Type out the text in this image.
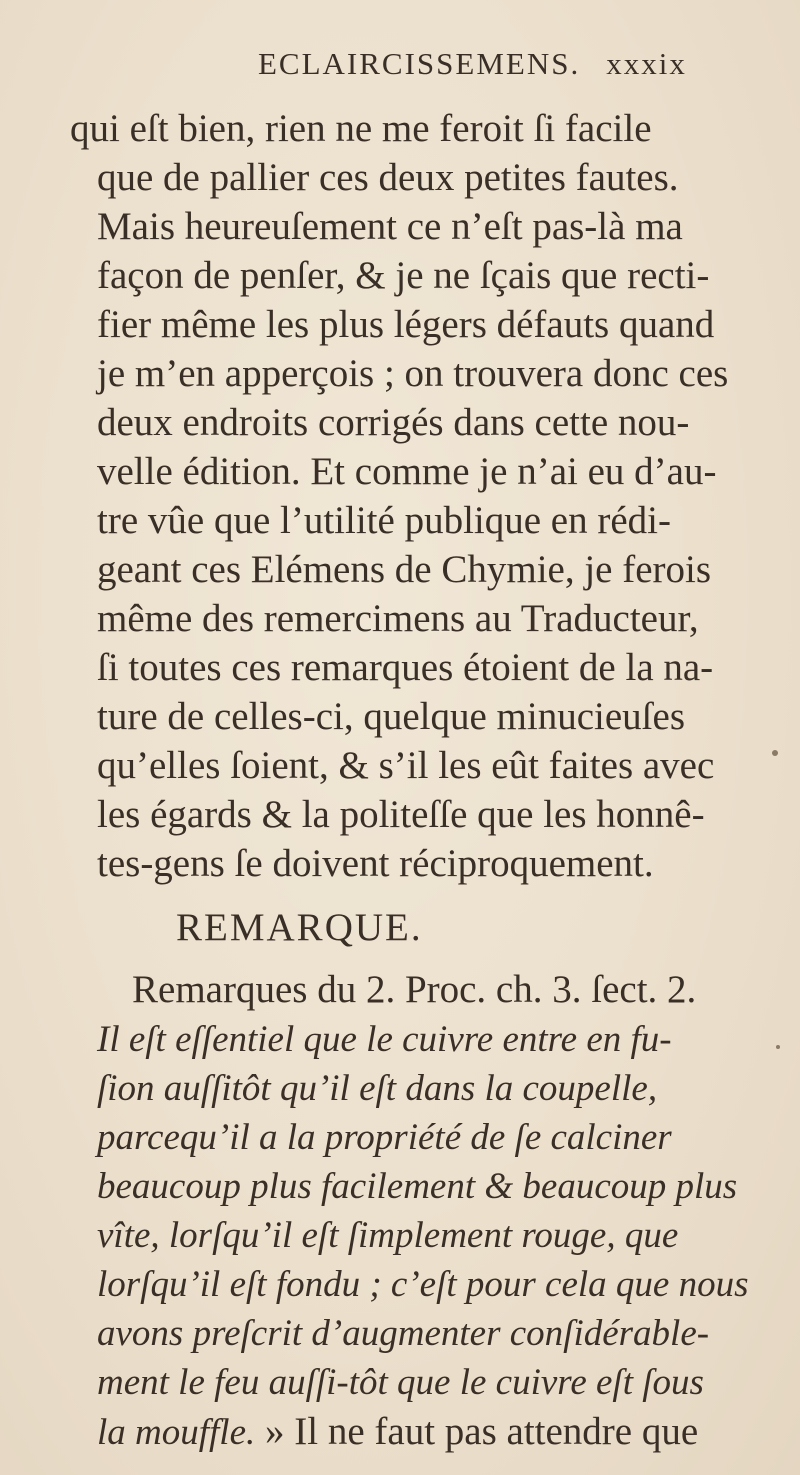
ECLAIRCISSEMENS. xxxix
qui eſt bien, rien ne me feroit ſi facile
que de pallier ces deux petites fautes.
Mais heureuſement ce n’eſt pas-là ma
façon de penſer, & je ne ſçais que recti-
fier même les plus légers défauts quand
je m’en apperçois ; on trouvera donc ces
deux endroits corrigés dans cette nou-
velle édition. Et comme je n’ai eu d’au-
tre vûe que l’utilité publique en rédi-
geant ces Elémens de Chymie, je ferois
même des remercimens au Traducteur,
ſi toutes ces remarques étoient de la na-
ture de celles-ci, quelque minucieuſes
qu’elles ſoient, & s’il les eût faites avec
les égards & la politeſſe que les honnê-
tes-gens ſe doivent réciproquement.
REMARQUE.
Remarques du 2. Proc. ch. 3. ſect. 2.
Il eſt eſſentiel que le cuivre entre en fu-
ſion auſſitôt qu’il eſt dans la coupelle,
parcequ’il a la propriété de ſe calciner
beaucoup plus facilement & beaucoup plus
vîte, lorſqu’il eſt ſimplement rouge, que
lorſqu’il eſt fondu ; c’eſt pour cela que nous
avons preſcrit d’augmenter conſidérable-
ment le feu auſſi-tôt que le cuivre eſt ſous
la mouffle. » Il ne faut pas attendre que
